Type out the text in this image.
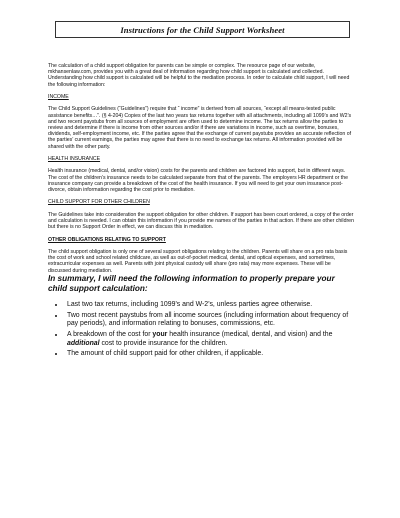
Instructions for the Child Support Worksheet

The calculation of a child support obligation for parents can be simple or complex. The resource page of our website, mkhansenlaw.com, provides you with a great deal of information regarding how child support is calculated and collected. Understanding how child support is calculated will be helpful to the mediation process. In order to calculate child support, I will need the following information:

INCOME

The Child Support Guidelines (“Guidelines”) require that “ income” is derived from all sources, “except all means-tested public assistance benefits…”. (§ 4-204) Copies of the last two years tax returns together with all attachments, including all 1099’s and W2’s and two recent paystubs from all sources of employment are often used to determine income. The tax returns allow the parties to review and determine if there is income from other sources and/or if there are variations in income, such as overtime, bonuses, dividends, self-employment income, etc. If the parties agree that the exchange of current paystubs provides an accurate reflection of the parties’ current earnings, the parties may agree that there is no need to exchange tax returns. All information provided will be shared with the other party.

HEALTH INSURANCE

Health insurance (medical, dental, and/or vision) costs for the parents and children are factored into support, but in different ways. The cost of the children’s insurance needs to be calculated separate from that of the parents. The employers HR department or the insurance company can provide a breakdown of the cost of the health insurance. If you will need to get your own insurance post-divorce, obtain information regarding the cost prior to mediation.

CHILD SUPPORT FOR OTHER CHILDREN

The Guidelines take into consideration the support obligation for other children. If support has been court ordered, a copy of the order and calculation is needed. I can obtain this information if you provide me names of the parties in that action. If there are other children but there is no Support Order in effect, we can discuss this in mediation.

OTHER OBLIGATIONS RELATING TO SUPPORT

The child support obligation is only one of several support obligations relating to the children. Parents will share on a pro rata basis the cost of work and school related childcare, as well as out-of-pocket medical, dental, and optical expenses, and sometimes, extracurricular expenses as well. Parents with joint physical custody will share (pro rata) may more expenses. These will be discussed during mediation.

In summary, I will need the following information to properly prepare your child support calculation:

• Last two tax returns, including 1099’s and W-2’s, unless parties agree otherwise.
• Two most recent paystubs from all income sources (including information about frequency of pay periods), and information relating to bonuses, commissions, etc.
• A breakdown of the cost for your health insurance (medical, dental, and vision) and the additional cost to provide insurance for the children.
• The amount of child support paid for other children, if applicable.
